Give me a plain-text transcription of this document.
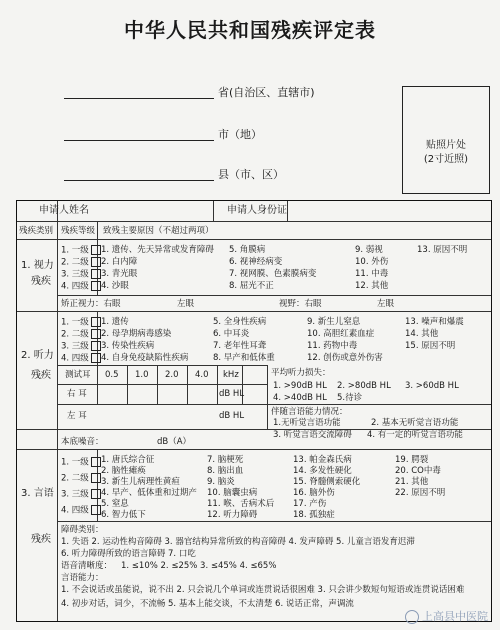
中华人民共和国残疾评定表
省(自治区、直辖市)
市（地）
县（市、区）
贴照片处
(2寸近照)
申请人姓名	申请人身份证
残疾类别 残疾等级 致残主要原因（不超过两项）
1. 视力
残疾
1. 一级
2. 二级
3. 三级
4. 四级
1. 遗传、先天异常或发育障碍
2. 白内障
3. 青光眼
4. 沙眼
5. 角膜病
6. 视神经病变
7. 视网膜、色素膜病变
8. 屈光不正
9. 弱视
10. 外伤
11. 中毒
12. 其他
13. 原因不明
矫正视力：右眼	左眼	视野：右眼	左眼
2. 听力
残疾
1. 一级
2. 二级
3. 三级
4. 四级
1. 遗传
2. 母孕期病毒感染
3. 传染性疾病
4. 自身免疫缺陷性疾病
5. 全身性疾病
6. 中耳炎
7. 老年性耳聋
8. 早产和低体重
9. 新生儿窒息
10. 高胆红素血症
11. 药物中毒
12. 创伤或意外伤害
13. 噪声和爆震
14. 其他
15. 原因不明
测试耳 0.5 1.0 2.0 4.0 kHz
右 耳	dB HL
左 耳	dB HL
平均听力损失：
1. >90dB HL 2. >80dB HL 3. >60dB HL
4. >40dB HL 5.待诊
伴随言语能力情况：
1.无听觉言语功能	2. 基本无听觉言语功能
3. 听觉言语交流障碍 4. 有一定的听觉言语功能
本底噪音：	dB（A）
3. 言语
残疾
1. 一级
2. 二级
3. 三级
4. 四级
1. 唐氏综合征
2. 脑性瘫痪
3. 新生儿病理性黄疸
4. 早产、低体重和过期产
5. 窒息
6. 智力低下
7. 脑梗死
8. 脑出血
9. 脑炎
10. 脑囊虫病
11. 喉、舌病术后
12. 听力障碍
13. 帕金森氏病
14. 多发性硬化
15. 脊髓侧索硬化
16. 脑外伤
17. 产伤
18. 孤独症
19. 腭裂
20. CO中毒
21. 其他
22. 原因不明
障碍类别：
1. 失语 2. 运动性构音障碍 3. 器官结构异常所致的构音障碍 4. 发声障碍 5. 儿童言语发育迟滞
6. 听力障碍所致的语言障碍 7. 口吃
语音清晰度： 1. ≤10% 2. ≤25% 3. ≤45% 4. ≤65%
言语能力：
1. 不会说话或虽能说，说不出 2. 只会说几个单词或连贯说话很困难 3. 只会讲少数短句短语或连贯说话困难
4. 初步对话，词少，不流畅 5. 基本上能交谈，不太清楚 6. 说话正常，声调流
上高县中医院
